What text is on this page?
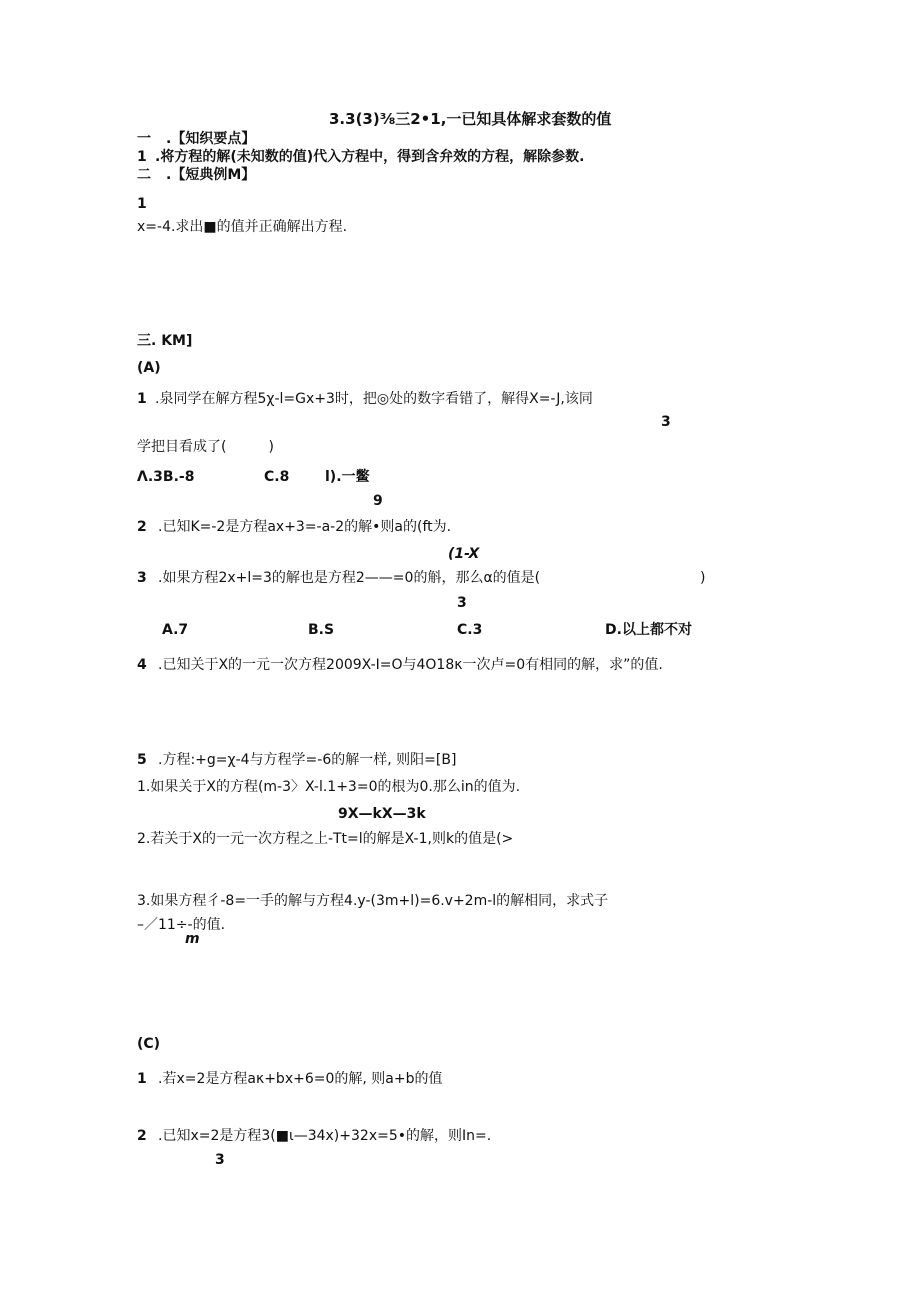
3.3(3)⅜三2•1,一已知具体解求套数的值
一 .【知织要点】
1 .将方程的解(未知数的值)代入方程中，得到含弁效的方程，解除参数.
二 .【短典例M】
1
x=-4.求出■的值并正确解出方程.
三. KM]
(A)
1 .泉同学在解方程5χ-l=Gx+3时，把◎处的数字看错了，解得X=-J,该同
3
学把目看成了(　　　)
Λ.3B.-8	C.8	l).一鳖
9
2 .已知K=-2是方程ax+3=-a-2的解•则a的(ft为.
(1-X
3 .如果方程2x+l=3的解也是方程2——=0的斛，那么α的值是(	)
3
A.7	B.S	C.3	D.以上都不对
4 .已知关于X的一元一次方程2009X-I=O与4O18κ一次卢=0有相同的解，求”的值.
5 .方程:+g=χ-4与方程学=-6的解一样, 则阳=[B]
1.如果关于X的方程(m-3〉X-l.1+3=0的根为0.那么in的值为.
9X—kX—3k
2.若关于X的一元一次方程之上-Tt=l的解是X-1,则k的值是(>
3.如果方程彳-8=一手的解与方程4.y-(3m+l)=6.v+2m-l的解相同，求式子
–／11÷-的值.
m
(C)
1 .若x=2是方程aκ+bx+6=0的解, 则a+b的值
2 .已知x=2是方程3(■ι—34x)+32x=5•的解，则In=.
3
